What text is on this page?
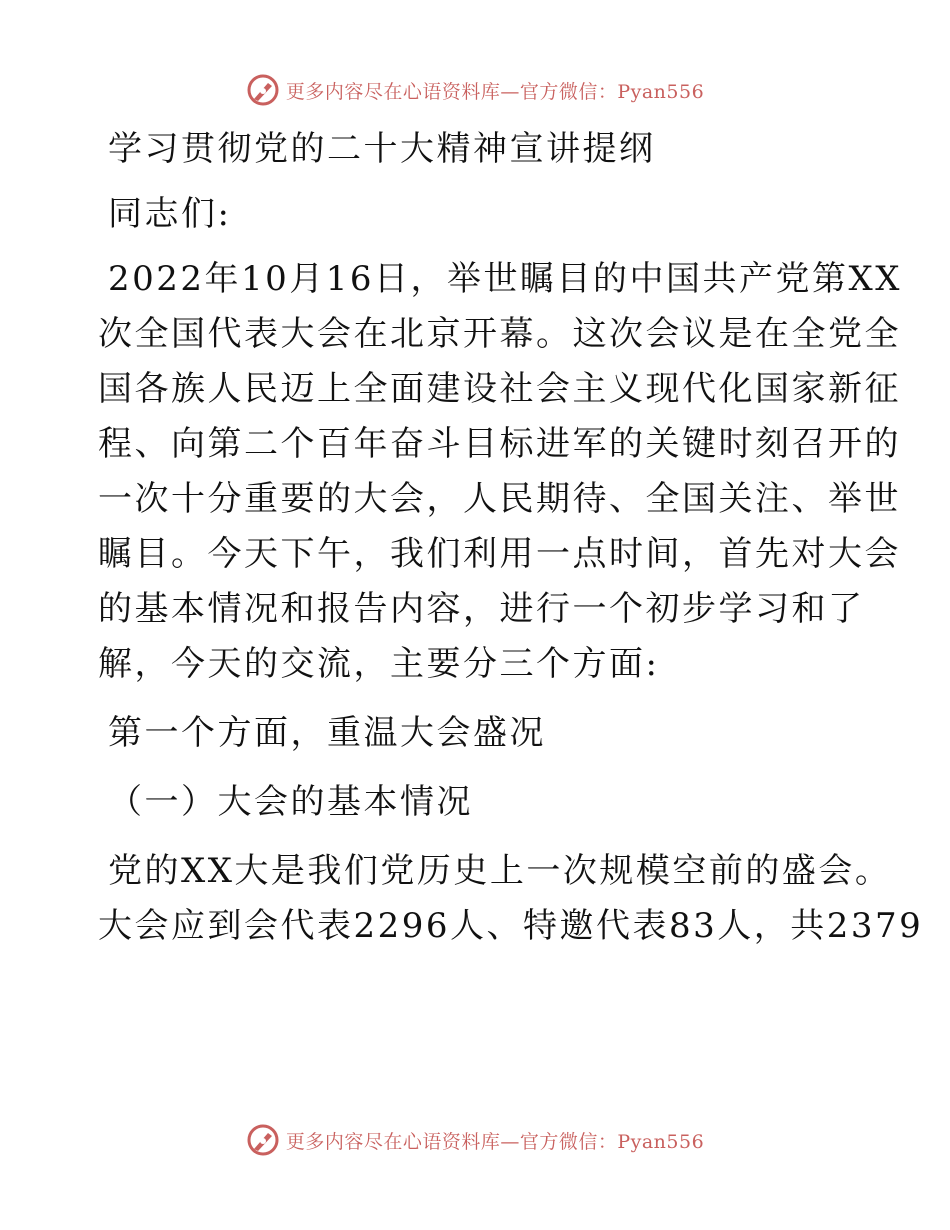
更多内容尽在心语资料库—官方微信：Pyan556
学习贯彻党的二十大精神宣讲提纲
同志们:
2022年10月16日，举世瞩目的中国共产党第XX
次全国代表大会在北京开幕。这次会议是在全党全
国各族人民迈上全面建设社会主义现代化国家新征
程、向第二个百年奋斗目标进军的关键时刻召开的
一次十分重要的大会，人民期待、全国关注、举世
瞩目。今天下午，我们利用一点时间，首先对大会
的基本情况和报告内容，进行一个初步学习和了
解，今天的交流，主要分三个方面:
第一个方面，重温大会盛况
（一）大会的基本情况
党的XX大是我们党历史上一次规模空前的盛会。
大会应到会代表2296人、特邀代表83人，共2379
更多内容尽在心语资料库—官方微信：Pyan556
